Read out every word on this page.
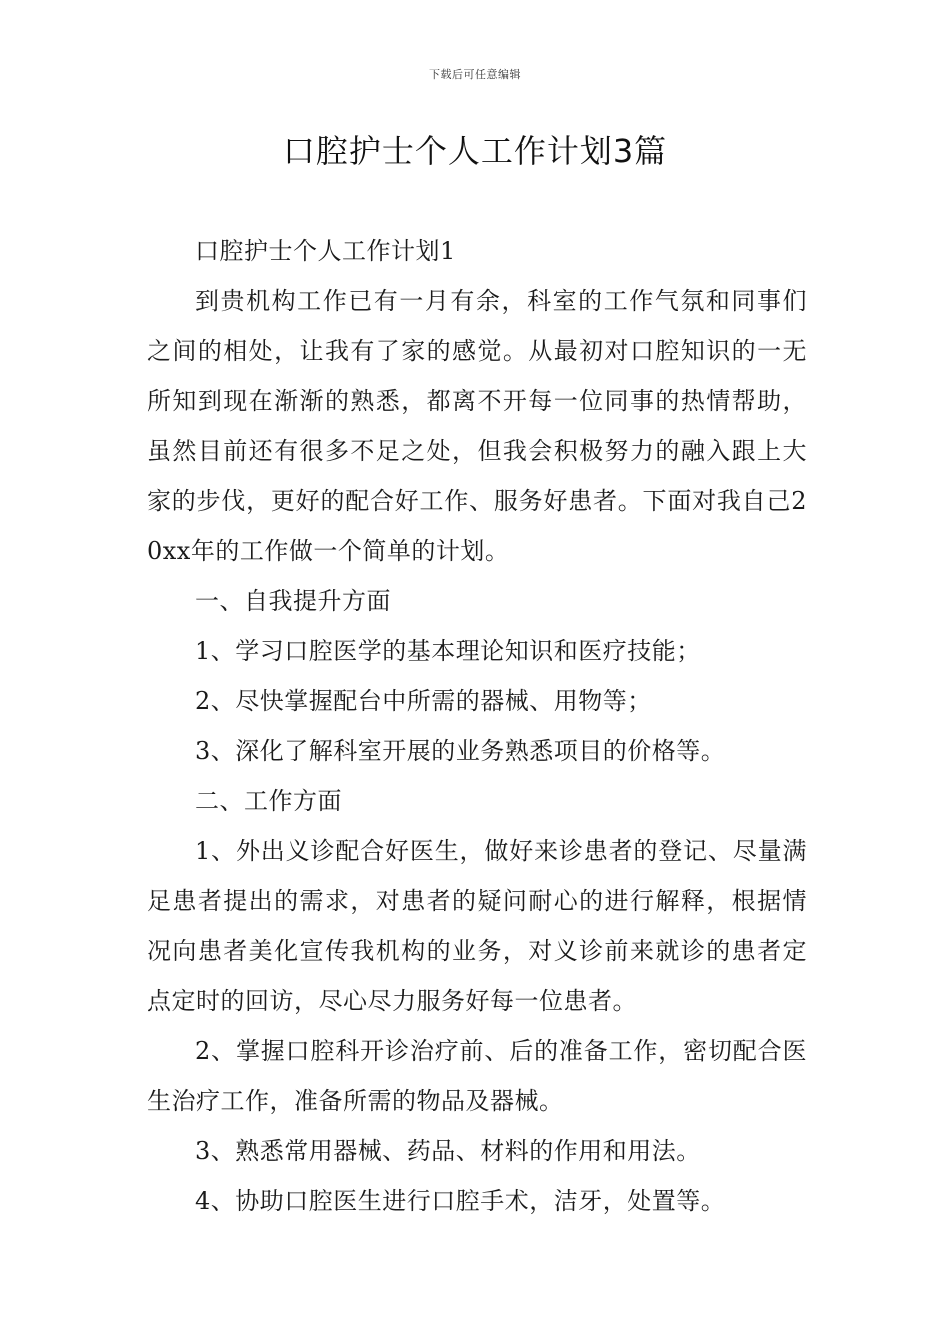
下载后可任意编辑
口腔护士个人工作计划3篇

口腔护士个人工作计划1

到贵机构工作已有一月有余，科室的工作气氛和同事们之间的相处，让我有了家的感觉。从最初对口腔知识的一无所知到现在渐渐的熟悉，都离不开每一位同事的热情帮助，虽然目前还有很多不足之处，但我会积极努力的融入跟上大家的步伐，更好的配合好工作、服务好患者。下面对我自己20xx年的工作做一个简单的计划。

一、自我提升方面

1、学习口腔医学的基本理论知识和医疗技能；

2、尽快掌握配台中所需的器械、用物等；

3、深化了解科室开展的业务熟悉项目的价格等。

二、工作方面

1、外出义诊配合好医生，做好来诊患者的登记、尽量满足患者提出的需求，对患者的疑问耐心的进行解释，根据情况向患者美化宣传我机构的业务，对义诊前来就诊的患者定点定时的回访，尽心尽力服务好每一位患者。

2、掌握口腔科开诊治疗前、后的准备工作，密切配合医生治疗工作，准备所需的物品及器械。

3、熟悉常用器械、药品、材料的作用和用法。

4、协助口腔医生进行口腔手术，洁牙，处置等。
